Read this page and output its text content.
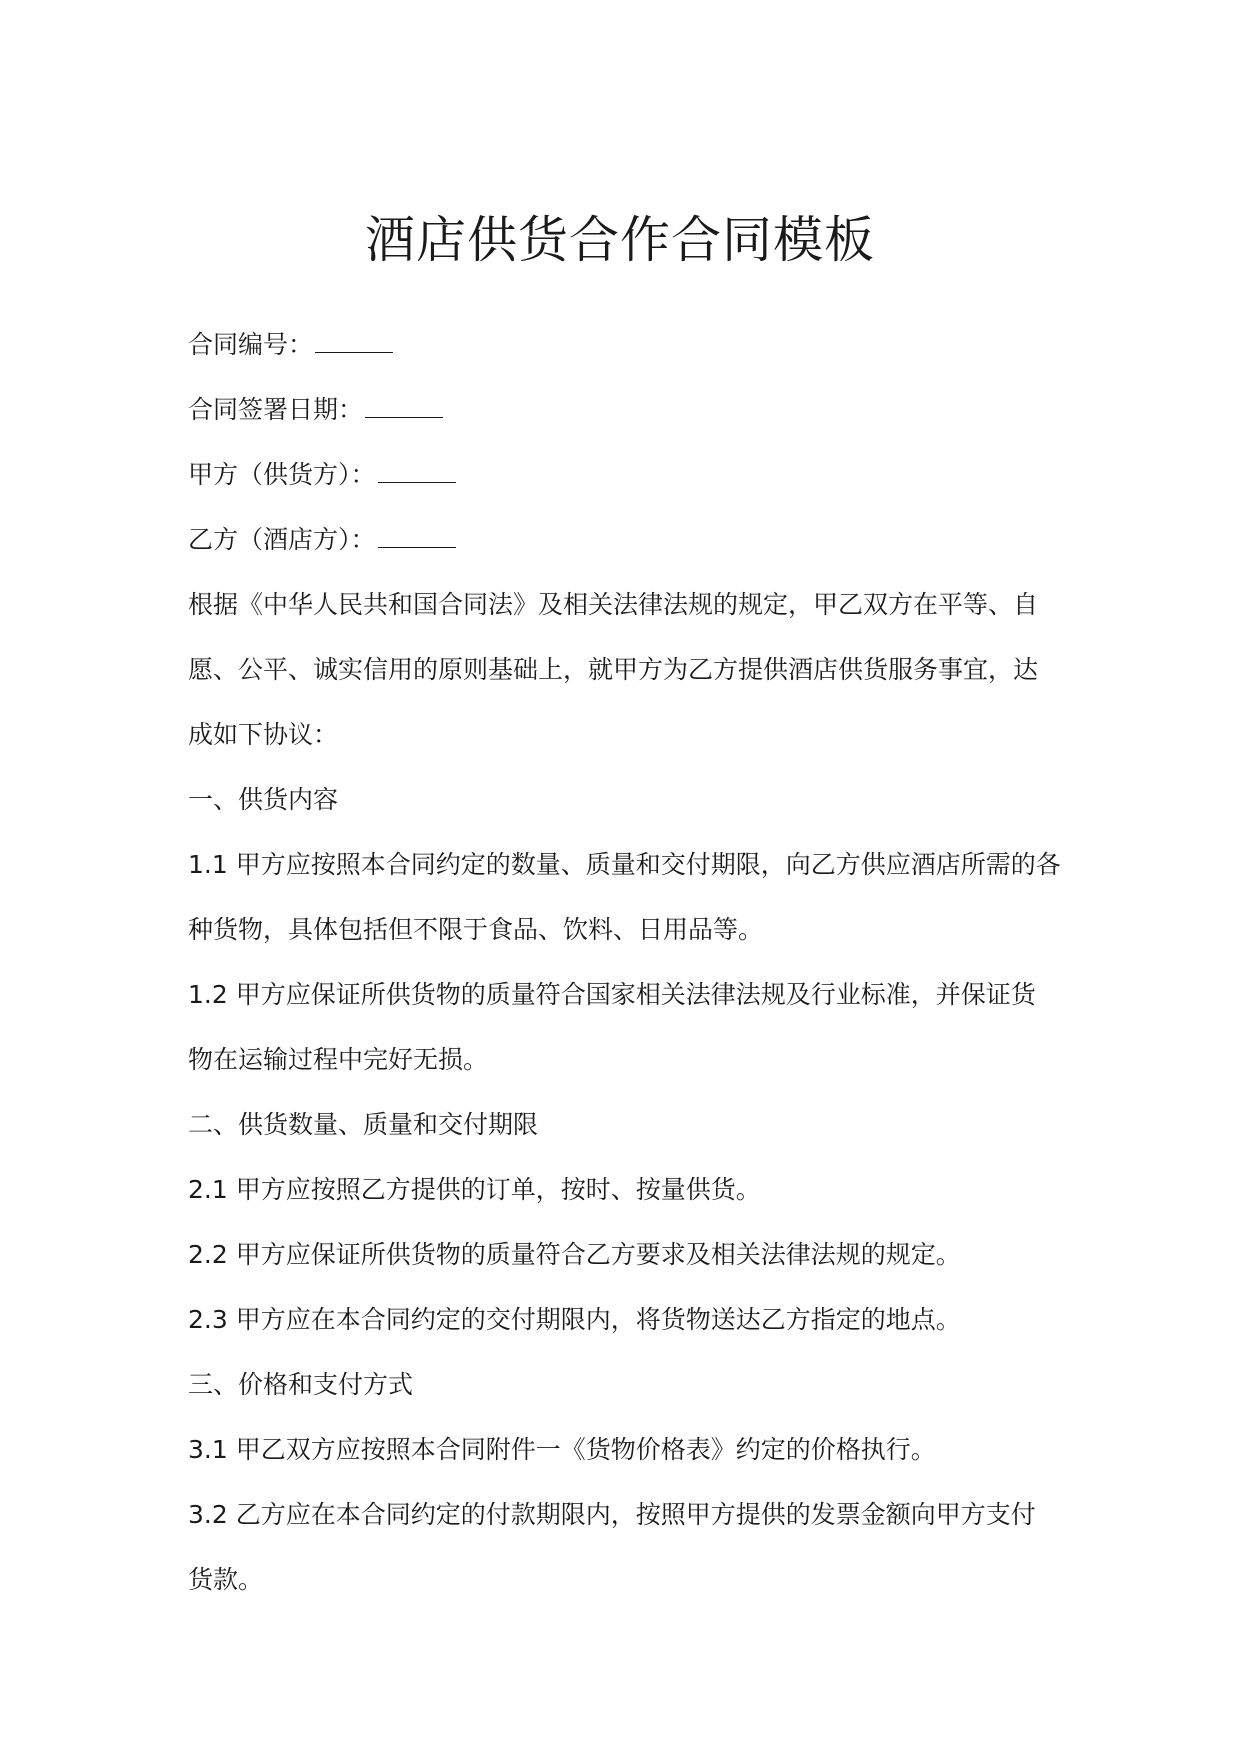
酒店供货合作合同模板
合同编号：
合同签署日期：
甲方（供货方）：
乙方（酒店方）：
根据《中华人民共和国合同法》及相关法律法规的规定，甲乙双方在平等、自
愿、公平、诚实信用的原则基础上，就甲方为乙方提供酒店供货服务事宜，达
成如下协议：
一、供货内容
1.1 甲方应按照本合同约定的数量、质量和交付期限，向乙方供应酒店所需的各
种货物，具体包括但不限于食品、饮料、日用品等。
1.2 甲方应保证所供货物的质量符合国家相关法律法规及行业标准，并保证货
物在运输过程中完好无损。
二、供货数量、质量和交付期限
2.1 甲方应按照乙方提供的订单，按时、按量供货。
2.2 甲方应保证所供货物的质量符合乙方要求及相关法律法规的规定。
2.3 甲方应在本合同约定的交付期限内，将货物送达乙方指定的地点。
三、价格和支付方式
3.1 甲乙双方应按照本合同附件一《货物价格表》约定的价格执行。
3.2 乙方应在本合同约定的付款期限内，按照甲方提供的发票金额向甲方支付
货款。
